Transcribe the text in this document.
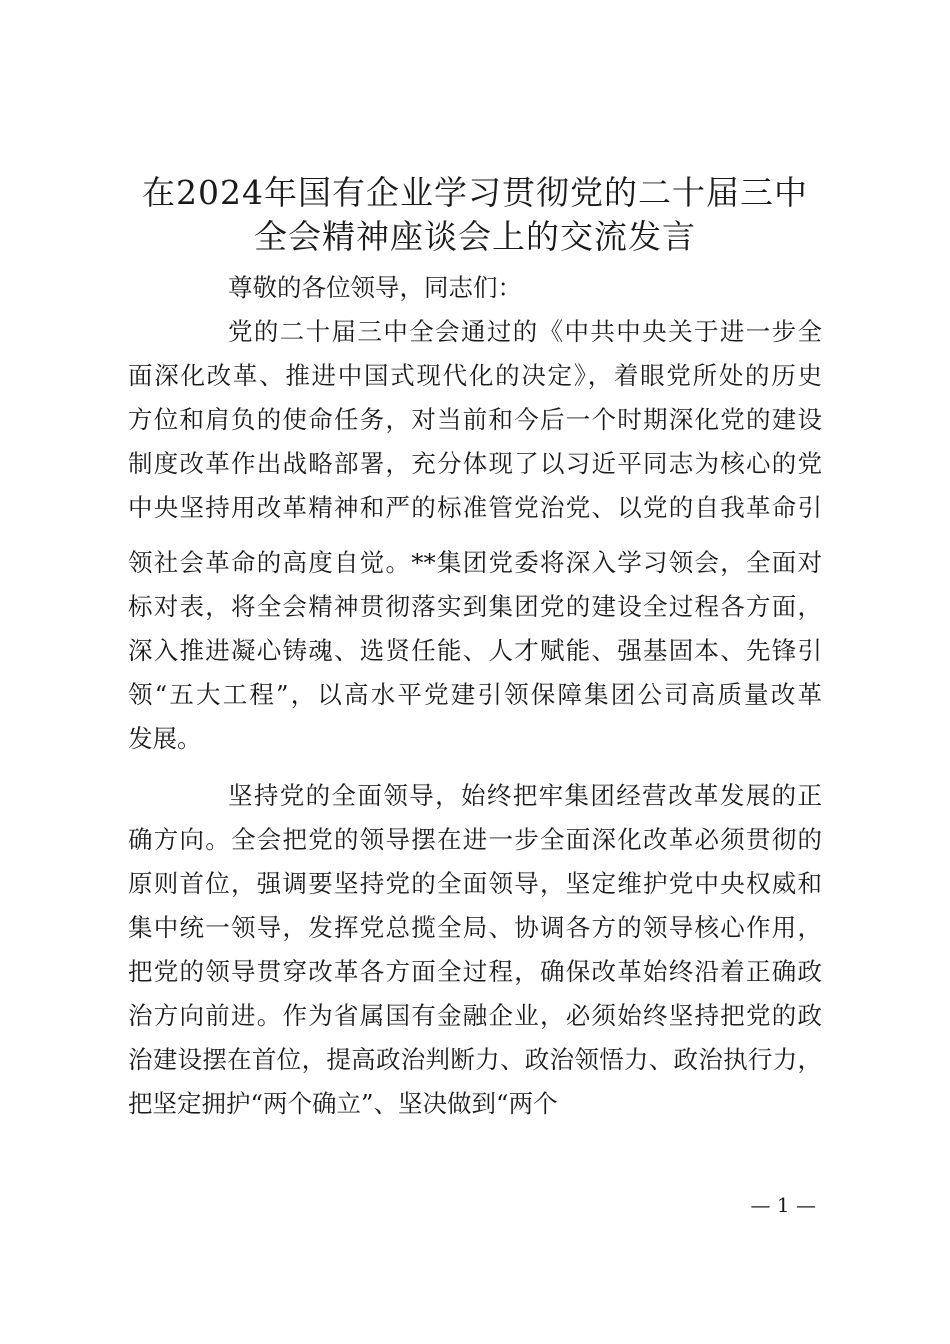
在2024年国有企业学习贯彻党的二十届三中
全会精神座谈会上的交流发言
尊敬的各位领导，同志们：
党的二十届三中全会通过的《中共中央关于进一步全
面深化改革、推进中国式现代化的决定》，着眼党所处的历史
方位和肩负的使命任务，对当前和今后一个时期深化党的建设
制度改革作出战略部署，充分体现了以习近平同志为核心的党
中央坚持用改革精神和严的标准管党治党、以党的自我革命引
领社会革命的高度自觉。**集团党委将深入学习领会，全面对
标对表，将全会精神贯彻落实到集团党的建设全过程各方面，
深入推进凝心铸魂、选贤任能、人才赋能、强基固本、先锋引
领“五大工程”，以高水平党建引领保障集团公司高质量改革
发展。
坚持党的全面领导，始终把牢集团经营改革发展的正
确方向。全会把党的领导摆在进一步全面深化改革必须贯彻的
原则首位，强调要坚持党的全面领导，坚定维护党中央权威和
集中统一领导，发挥党总揽全局、协调各方的领导核心作用，
把党的领导贯穿改革各方面全过程，确保改革始终沿着正确政
治方向前进。作为省属国有金融企业，必须始终坚持把党的政
治建设摆在首位，提高政治判断力、政治领悟力、政治执行力，
把坚定拥护“两个确立”、坚决做到“两个
— 1 —
